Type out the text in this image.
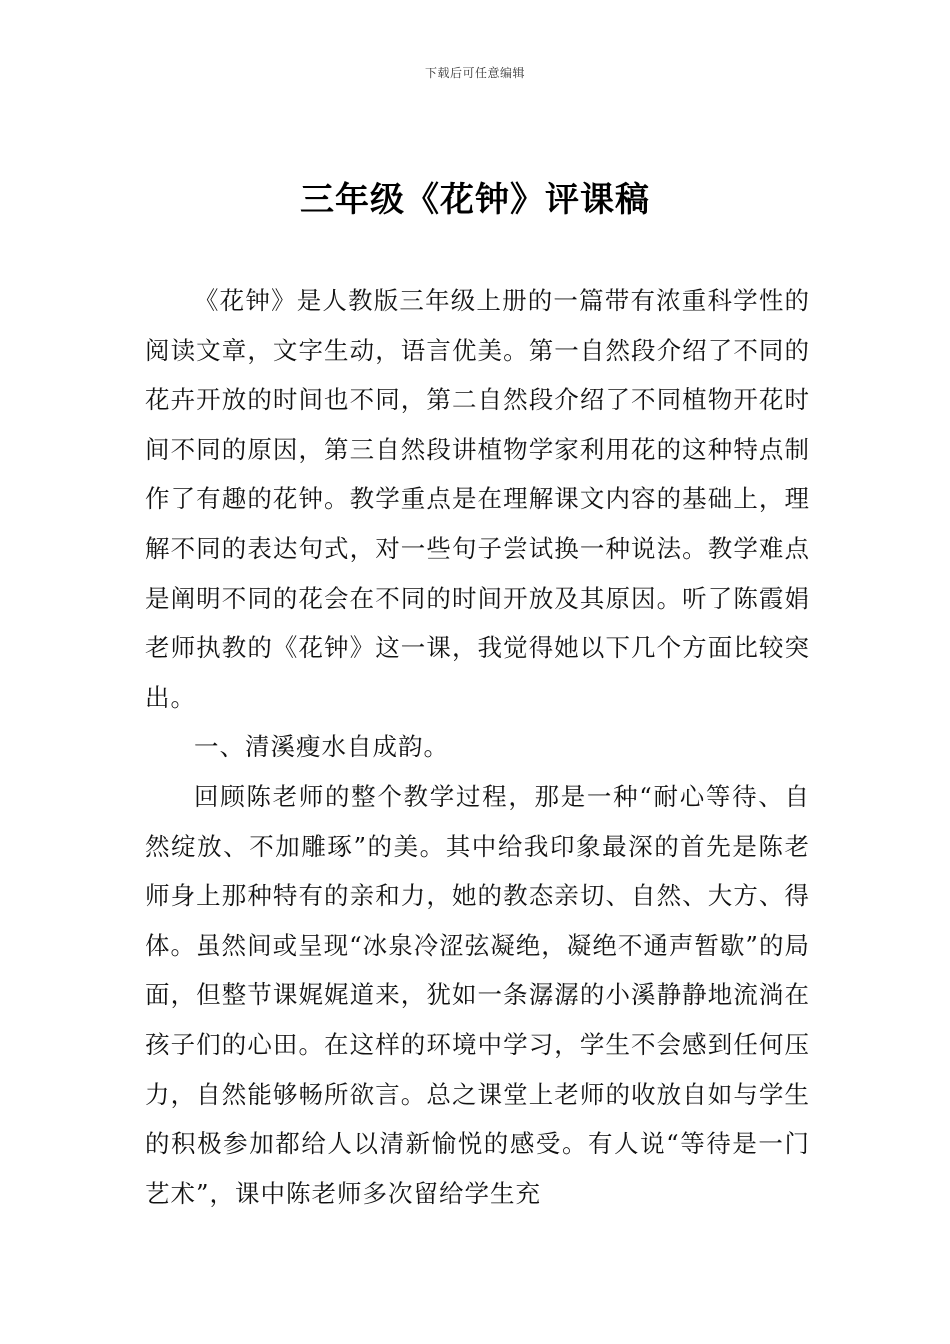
下载后可任意编辑
三年级《花钟》评课稿

《花钟》是人教版三年级上册的一篇带有浓重科学性的阅读文章，文字生动，语言优美。第一自然段介绍了不同的花卉开放的时间也不同，第二自然段介绍了不同植物开花时间不同的原因，第三自然段讲植物学家利用花的这种特点制作了有趣的花钟。教学重点是在理解课文内容的基础上，理解不同的表达句式，对一些句子尝试换一种说法。教学难点是阐明不同的花会在不同的时间开放及其原因。听了陈霞娟老师执教的《花钟》这一课，我觉得她以下几个方面比较突出。

一、清溪瘦水自成韵。

回顾陈老师的整个教学过程，那是一种“耐心等待、自然绽放、不加雕琢”的美。其中给我印象最深的首先是陈老师身上那种特有的亲和力，她的教态亲切、自然、大方、得体。虽然间或呈现“冰泉冷涩弦凝绝，凝绝不通声暂歇”的局面，但整节课娓娓道来，犹如一条潺潺的小溪静静地流淌在孩子们的心田。在这样的环境中学习，学生不会感到任何压力，自然能够畅所欲言。总之课堂上老师的收放自如与学生的积极参加都给人以清新愉悦的感受。有人说“等待是一门艺术”，课中陈老师多次留给学生充
